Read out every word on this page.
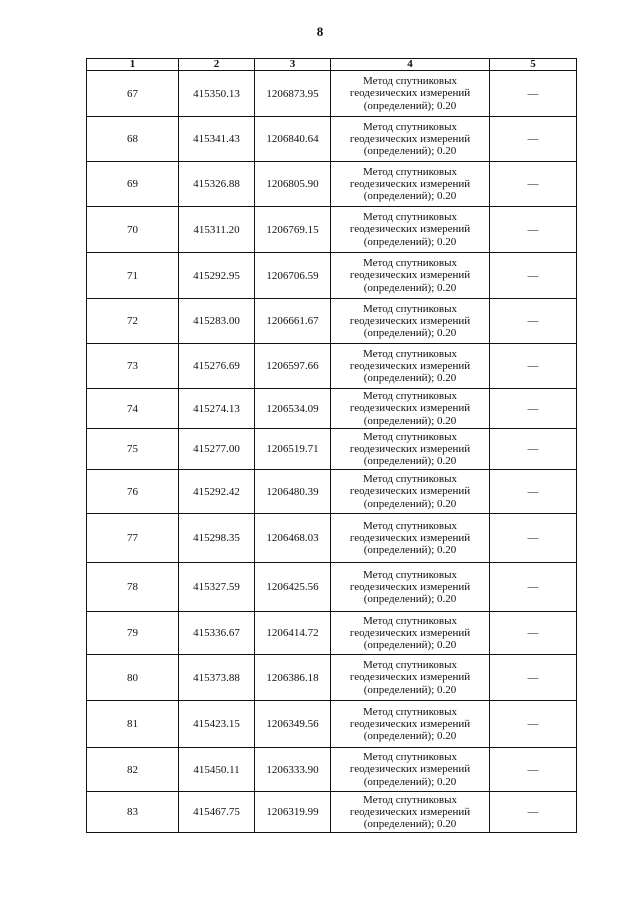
8
1	2	3	4	5
67	415350.13	1206873.95	Метод спутниковых
геодезических измерений
(определений); 0.20	—
68	415341.43	1206840.64	Метод спутниковых
геодезических измерений
(определений); 0.20	—
69	415326.88	1206805.90	Метод спутниковых
геодезических измерений
(определений); 0.20	—
70	415311.20	1206769.15	Метод спутниковых
геодезических измерений
(определений); 0.20	—
71	415292.95	1206706.59	Метод спутниковых
геодезических измерений
(определений); 0.20	—
72	415283.00	1206661.67	Метод спутниковых
геодезических измерений
(определений); 0.20	—
73	415276.69	1206597.66	Метод спутниковых
геодезических измерений
(определений); 0.20	—
74	415274.13	1206534.09	Метод спутниковых
геодезических измерений
(определений); 0.20	—
75	415277.00	1206519.71	Метод спутниковых
геодезических измерений
(определений); 0.20	—
76	415292.42	1206480.39	Метод спутниковых
геодезических измерений
(определений); 0.20	—
77	415298.35	1206468.03	Метод спутниковых
геодезических измерений
(определений); 0.20	—
78	415327.59	1206425.56	Метод спутниковых
геодезических измерений
(определений); 0.20	—
79	415336.67	1206414.72	Метод спутниковых
геодезических измерений
(определений); 0.20	—
80	415373.88	1206386.18	Метод спутниковых
геодезических измерений
(определений); 0.20	—
81	415423.15	1206349.56	Метод спутниковых
геодезических измерений
(определений); 0.20	—
82	415450.11	1206333.90	Метод спутниковых
геодезических измерений
(определений); 0.20	—
83	415467.75	1206319.99	Метод спутниковых
геодезических измерений
(определений); 0.20	—
